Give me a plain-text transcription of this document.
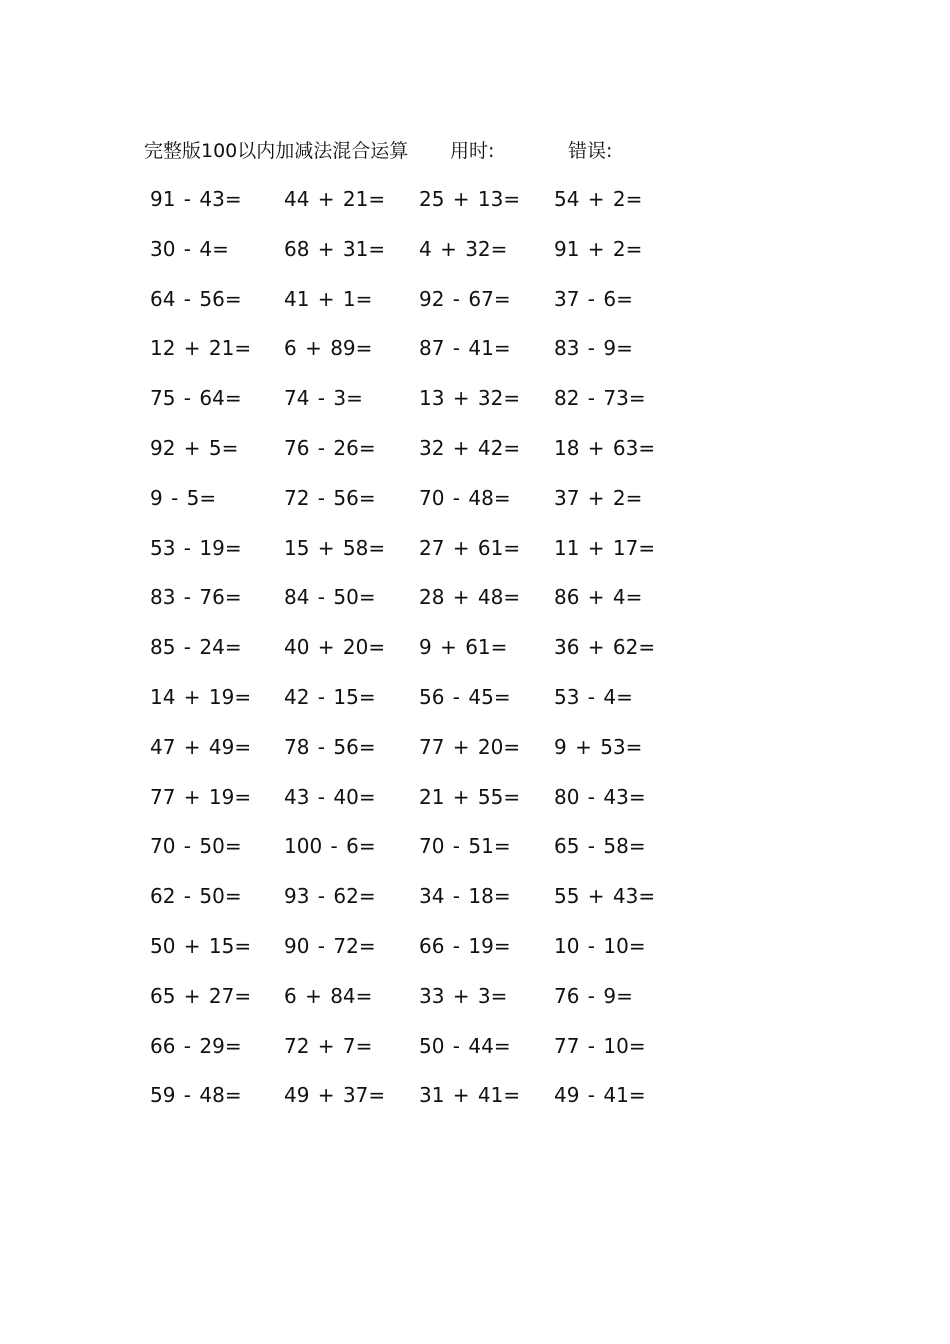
完整版100以内加减法混合运算 用时:	错误:
91 - 43= 44 + 21= 25 + 13= 54 + 2=
30 - 4=	68 + 31= 4 + 32= 91 + 2=
64 - 56= 41 + 1= 92 - 67= 37 - 6=
12 + 21= 6 + 89= 87 - 41= 83 - 9=
75 - 64= 74 - 3=	13 + 32= 82 - 73=
92 + 5= 76 - 26= 32 + 42= 18 + 63=
9 - 5=	72 - 56= 70 - 48= 37 + 2=
53 - 19= 15 + 58= 27 + 61= 11 + 17=
83 - 76= 84 - 50= 28 + 48= 86 + 4=
85 - 24= 40 + 20= 9 + 61= 36 + 62=
14 + 19= 42 - 15= 56 - 45= 53 - 4=
47 + 49= 78 - 56= 77 + 20= 9 + 53=
77 + 19= 43 - 40= 21 + 55= 80 - 43=
70 - 50= 100 - 6= 70 - 51= 65 - 58=
62 - 50= 93 - 62= 34 - 18= 55 + 43=
50 + 15= 90 - 72= 66 - 19= 10 - 10=
65 + 27= 6 + 84= 33 + 3= 76 - 9=
66 - 29= 72 + 7= 50 - 44= 77 - 10=
59 - 48= 49 + 37= 31 + 41= 49 - 41=
